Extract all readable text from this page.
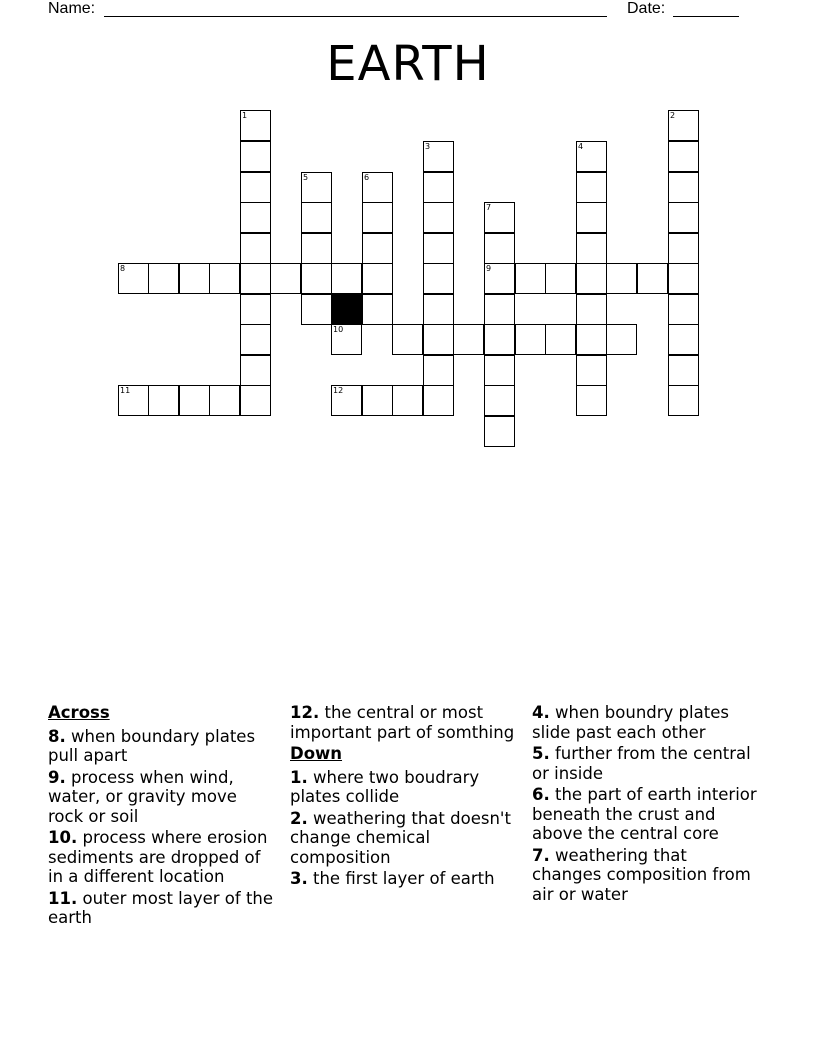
Name:	Date:
EARTH
1	2
3	4
5	6
7
8	9
10
11	12
Across
8. when boundary plates pull apart
9. process when wind, water, or gravity move rock or soil
10. process where erosion sediments are dropped of in a different location
11. outer most layer of the earth
12. the central or most important part of somthing
Down
1. where two boudrary plates collide
2. weathering that doesn't change chemical composition
3. the first layer of earth
4. when boundry plates slide past each other
5. further from the central or inside
6. the part of earth interior beneath the crust and above the central core
7. weathering that changes composition from air or water
